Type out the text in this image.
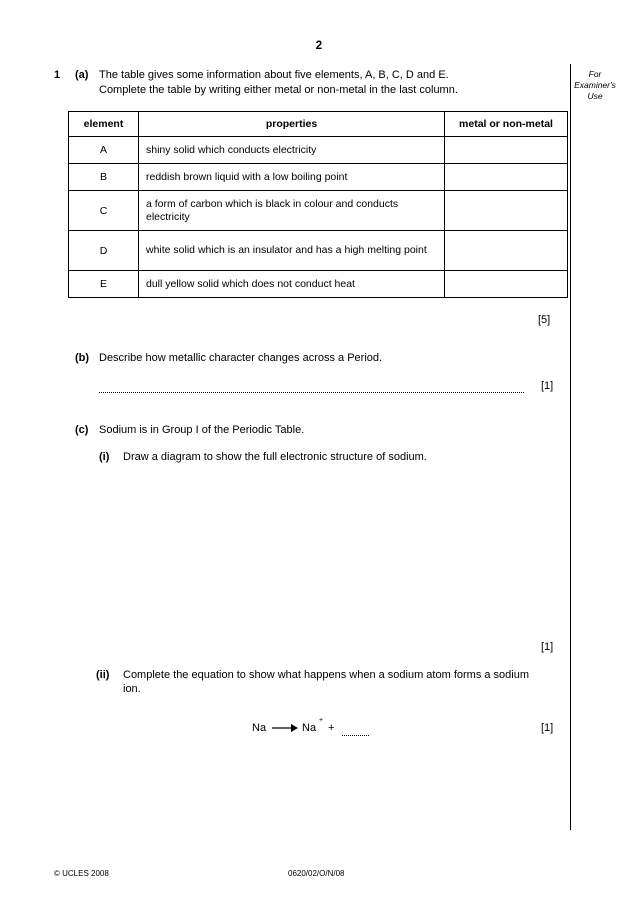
2
For
Examiner's
Use
1 (a) The table gives some information about five elements, A, B, C, D and E.
Complete the table by writing either metal or non-metal in the last column.
element	properties	metal or non-metal
A	shiny solid which conducts electricity	
B	reddish brown liquid with a low boiling point	
C	a form of carbon which is black in colour and conducts electricity	
D	white solid which is an insulator and has a high melting point	
E	dull yellow solid which does not conduct heat	
[5]
(b) Describe how metallic character changes across a Period.
[1]
(c) Sodium is in Group I of the Periodic Table.
(i) Draw a diagram to show the full electronic structure of sodium.
[1]
(ii) Complete the equation to show what happens when a sodium atom forms a sodium
ion.
Na → Na
+
+	[1]
© UCLES 2008	0620/02/O/N/08
